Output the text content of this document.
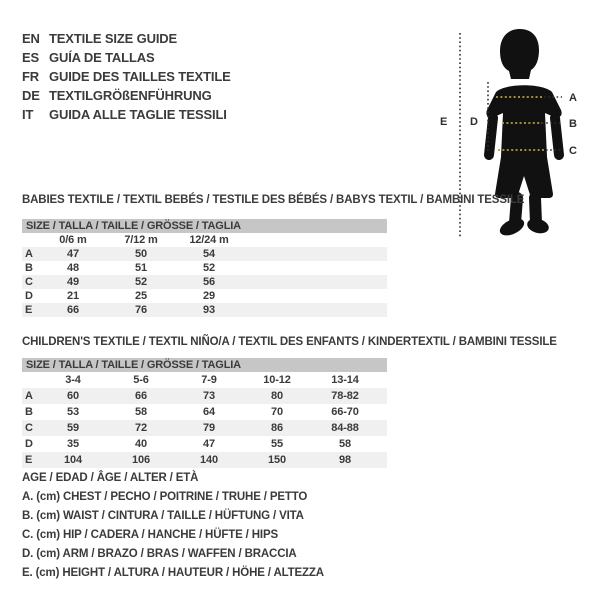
EN TEXTILE SIZE GUIDE
ES GUÍA DE TALLAS
FR GUIDE DES TAILLES TEXTILE
DE TEXTILGRÖßENFÜHRUNG
IT GUIDA ALLE TAGLIE TESSILI
A
B
C
D
E
BABIES TEXTILE / TEXTIL BEBÉS / TESTILE DES BÉBÉS / BABYS TEXTIL / BAMBINI TESSILE
SIZE / TALLA / TAILLE / GRÖSSE / TAGLIA
0/6 m	7/12 m	12/24 m
A	47	50	54
B	48	51	52
C	49	52	56
D	21	25	29
E	66	76	93
CHILDREN'S TEXTILE / TEXTIL NIÑO/A / TEXTIL DES ENFANTS / KINDERTEXTIL / BAMBINI TESSILE
SIZE / TALLA / TAILLE / GRÖSSE / TAGLIA
3-4	5-6	7-9	10-12	13-14
A	60	66	73	80	78-82
B	53	58	64	70	66-70
C	59	72	79	86	84-88
D	35	40	47	55	58
E	104	106	140	150	98
AGE / EDAD / ÂGE / ALTER / ETÀ
A. (cm) CHEST / PECHO / POITRINE / TRUHE / PETTO
B. (cm) WAIST / CINTURA / TAILLE / HÜFTUNG / VITA
C. (cm) HIP / CADERA / HANCHE / HÜFTE / HIPS
D. (cm) ARM / BRAZO / BRAS / WAFFEN / BRACCIA
E. (cm) HEIGHT / ALTURA / HAUTEUR / HÖHE / ALTEZZA
